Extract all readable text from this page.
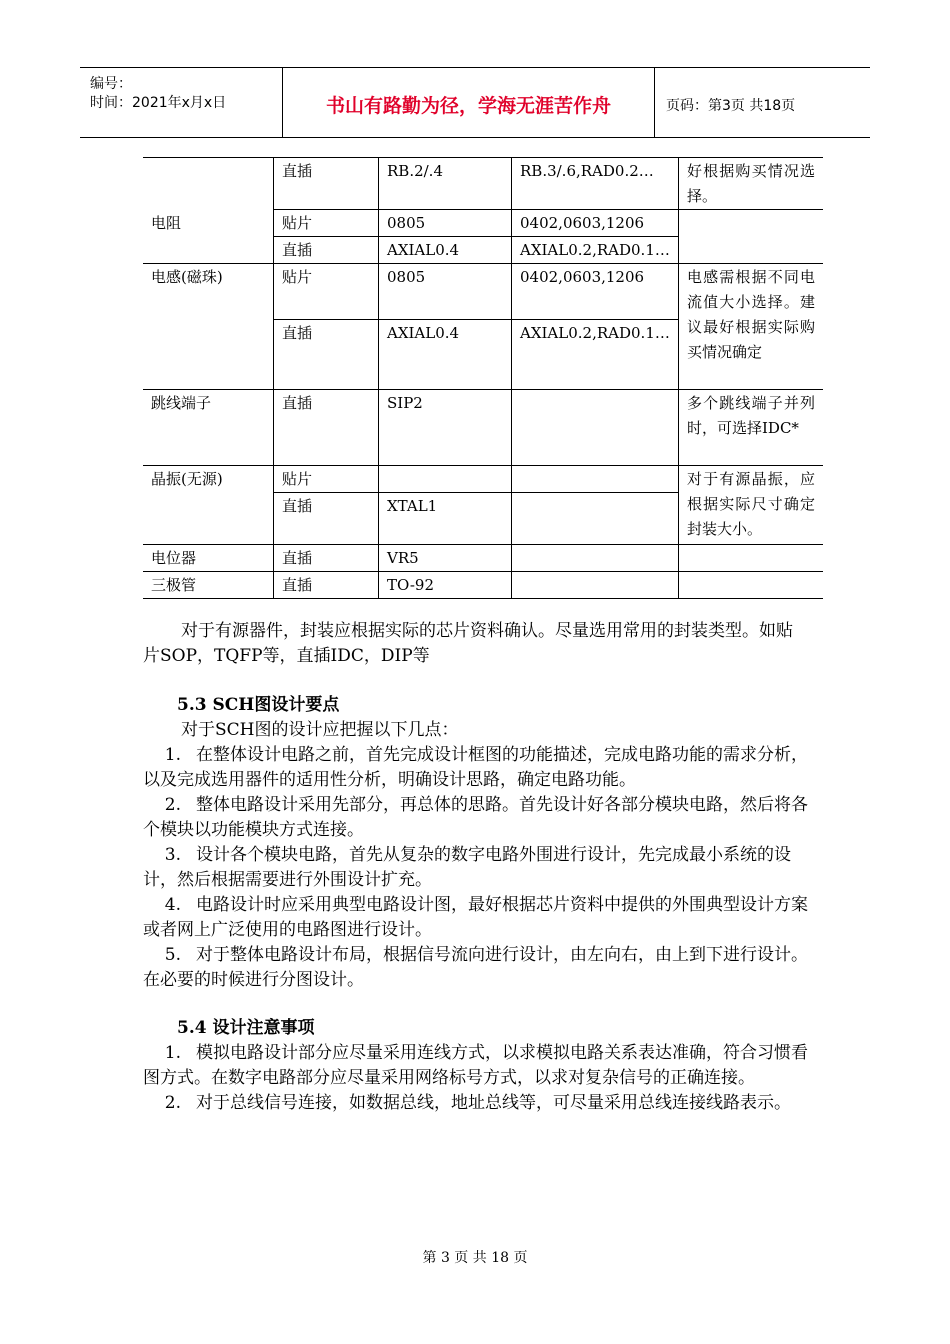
编号：
时间：2021年x月x日	书山有路勤为径，学海无涯苦作舟	页码：第3页 共18页
	直插	RB.2/.4	RB.3/.6,RAD0.2…	好根据购买情况选择。
电阻	贴片	0805	0402,0603,1206	
	直插	AXIAL0.4	AXIAL0.2,RAD0.1…	
电感(磁珠)	贴片	0805	0402,0603,1206	电感需根据不同电流值大小选择。建议最好根据实际购买情况确定
	直插	AXIAL0.4	AXIAL0.2,RAD0.1…	
跳线端子	直插	SIP2		多个跳线端子并列时，可选择IDC*
晶振(无源)	贴片			对于有源晶振，应根据实际尺寸确定封装大小。
	直插	XTAL1		
电位器	直插	VR5		
三极管	直插	TO-92		
对于有源器件，封装应根据实际的芯片资料确认。尽量选用常用的封装类型。如贴片SOP，TQFP等，直插IDC，DIP等
5.3 SCH图设计要点

对于SCH图的设计应把握以下几点：

1. 在整体设计电路之前，首先完成设计框图的功能描述，完成电路功能的需求分析，以及完成选用器件的适用性分析，明确设计思路，确定电路功能。

2. 整体电路设计采用先部分，再总体的思路。首先设计好各部分模块电路，然后将各个模块以功能模块方式连接。

3. 设计各个模块电路，首先从复杂的数字电路外围进行设计，先完成最小系统的设计，然后根据需要进行外围设计扩充。

4. 电路设计时应采用典型电路设计图，最好根据芯片资料中提供的外围典型设计方案或者网上广泛使用的电路图进行设计。

5. 对于整体电路设计布局，根据信号流向进行设计，由左向右，由上到下进行设计。在必要的时候进行分图设计。

5.4 设计注意事项

1. 模拟电路设计部分应尽量采用连线方式，以求模拟电路关系表达准确，符合习惯看图方式。在数字电路部分应尽量采用网络标号方式，以求对复杂信号的正确连接。

2. 对于总线信号连接，如数据总线，地址总线等，可尽量采用总线连接线路表示。

第 3 页 共 18 页
